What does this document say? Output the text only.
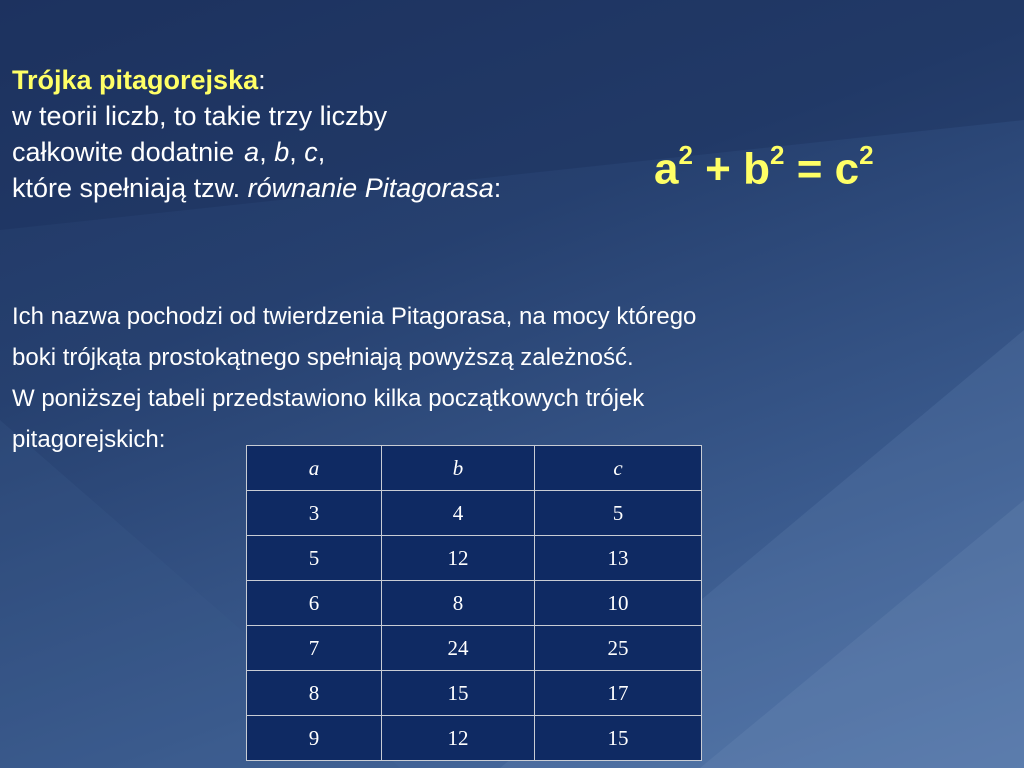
Trójka pitagorejska:
w teorii liczb, to takie trzy liczby
całkowite dodatnie a, b, c,
które spełniają tzw. równanie Pitagorasa:	$a^2 + b^2 = c^2$
Ich nazwa pochodzi od twierdzenia Pitagorasa, na mocy którego
boki trójkąta prostokątnego spełniają powyższą zależność.
W poniższej tabeli przedstawiono kilka początkowych trójek
pitagorejskich:
a	b	c
3	4	5
5	12	13
6	8	10
7	24	25
8	15	17
9	12	15
